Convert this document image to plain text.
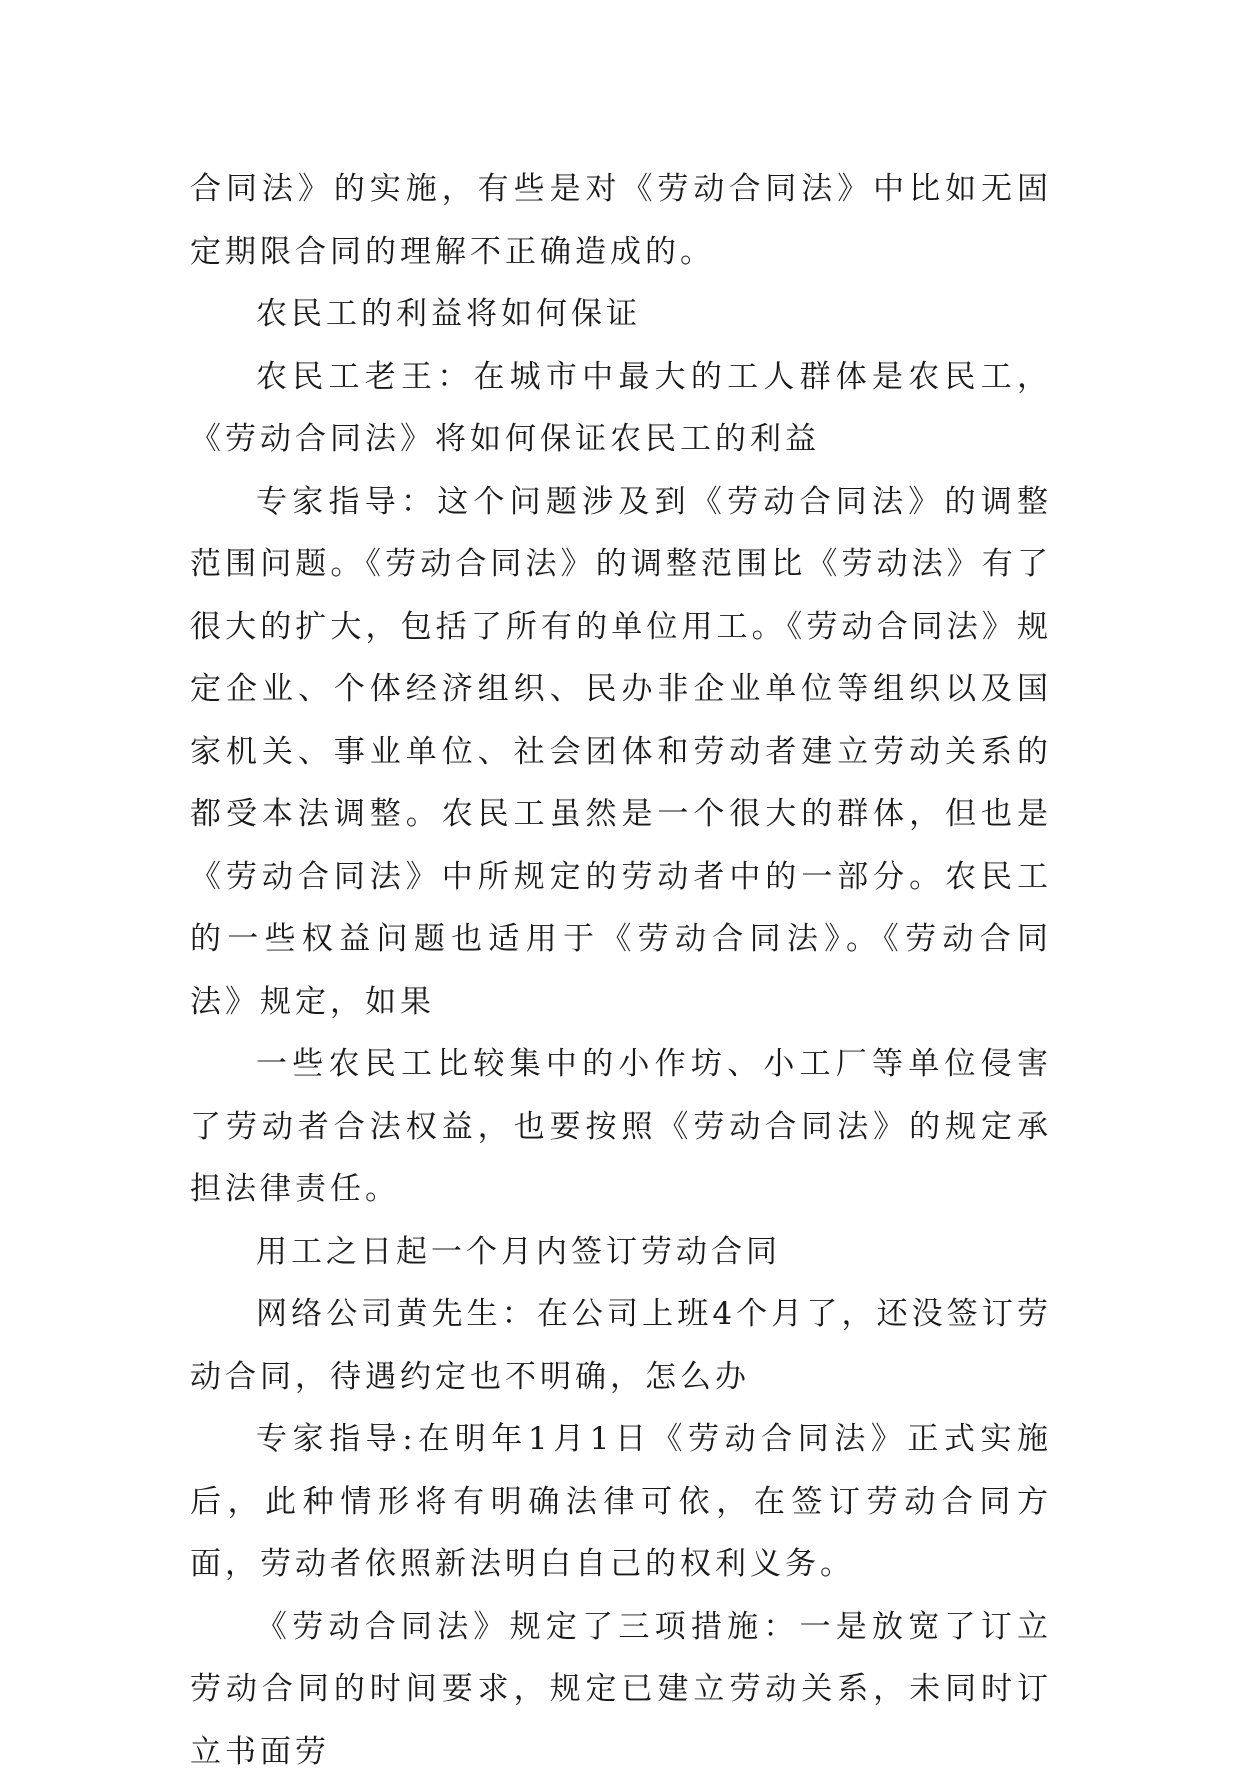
合同法》的实施，有些是对《劳动合同法》中比如无固定期限合同的理解不正确造成的。

农民工的利益将如何保证

农民工老王：在城市中最大的工人群体是农民工，《劳动合同法》将如何保证农民工的利益

专家指导：这个问题涉及到《劳动合同法》的调整范围问题。《劳动合同法》的调整范围比《劳动法》有了很大的扩大，包括了所有的单位用工。《劳动合同法》规定企业、个体经济组织、民办非企业单位等组织以及国家机关、事业单位、社会团体和劳动者建立劳动关系的都受本法调整。农民工虽然是一个很大的群体，但也是《劳动合同法》中所规定的劳动者中的一部分。农民工的一些权益问题也适用于《劳动合同法》。《劳动合同法》规定，如果

一些农民工比较集中的小作坊、小工厂等单位侵害了劳动者合法权益，也要按照《劳动合同法》的规定承担法律责任。

用工之日起一个月内签订劳动合同

网络公司黄先生：在公司上班4个月了，还没签订劳动合同，待遇约定也不明确，怎么办

专家指导:在明年1月1日《劳动合同法》正式实施后，此种情形将有明确法律可依，在签订劳动合同方面，劳动者依照新法明白自己的权利义务。

《劳动合同法》规定了三项措施：一是放宽了订立劳动合同的时间要求，规定已建立劳动关系，未同时订立书面劳
